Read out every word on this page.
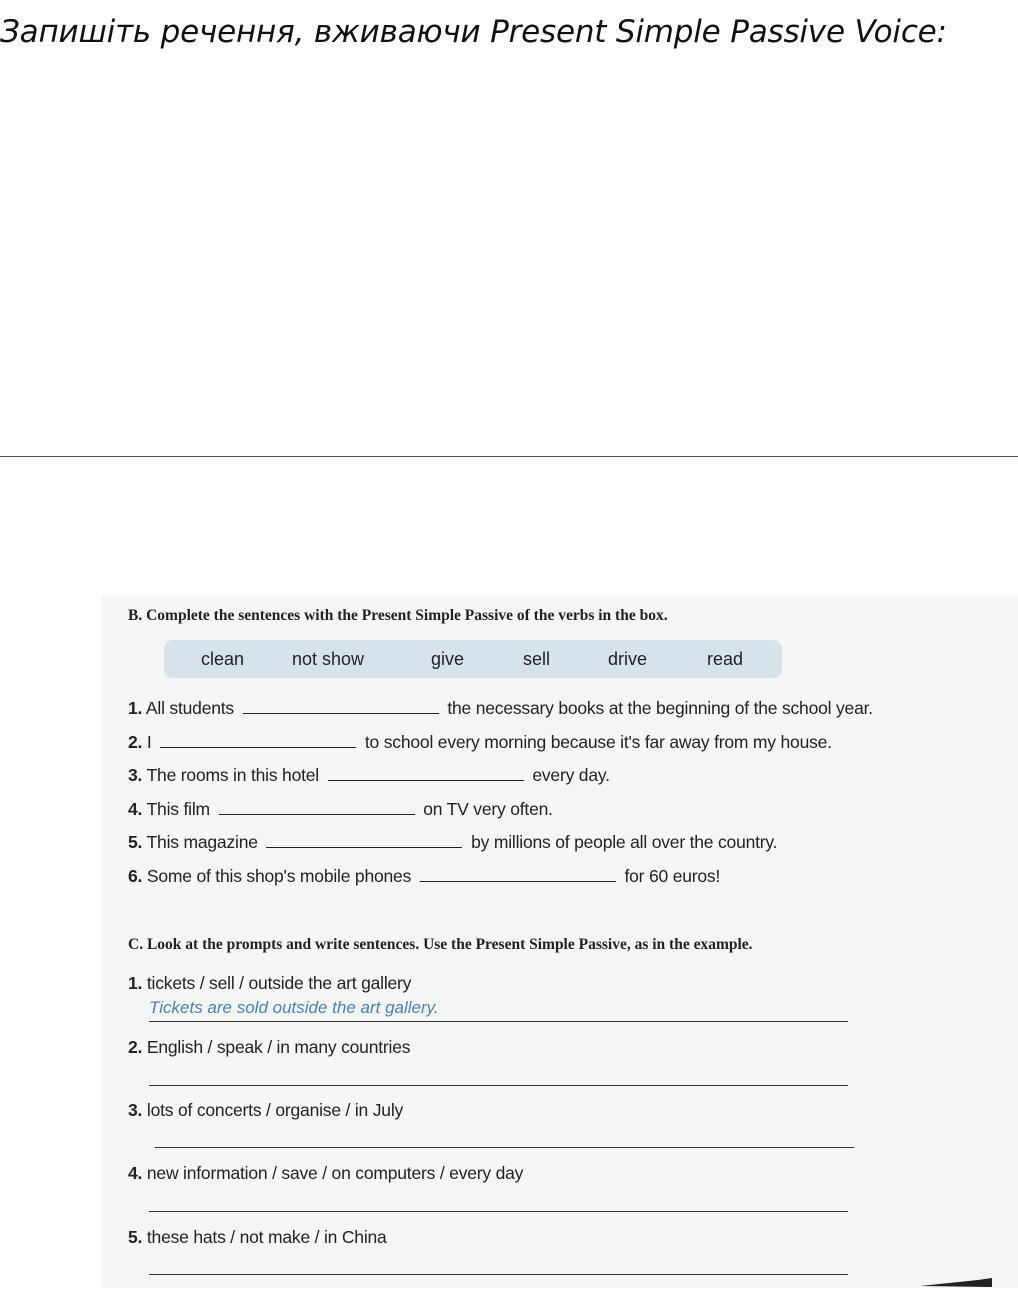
Запишіть речення, вживаючи Present Simple Passive Voice:
B. Complete the sentences with the Present Simple Passive of the verbs in the box.
clean	not show	give	sell	drive	read
1. All students	the necessary books at the beginning of the school year.
2. I	to school every morning because it's far away from my house.
3. The rooms in this hotel	every day.
4. This film	on TV very often.
5. This magazine	by millions of people all over the country.
6. Some of this shop's mobile phones	for 60 euros!
C. Look at the prompts and write sentences. Use the Present Simple Passive, as in the example.
1. tickets / sell / outside the art gallery
Tickets are sold outside the art gallery.
2. English / speak / in many countries
3. lots of concerts / organise / in July
4. new information / save / on computers / every day
5. these hats / not make / in China
